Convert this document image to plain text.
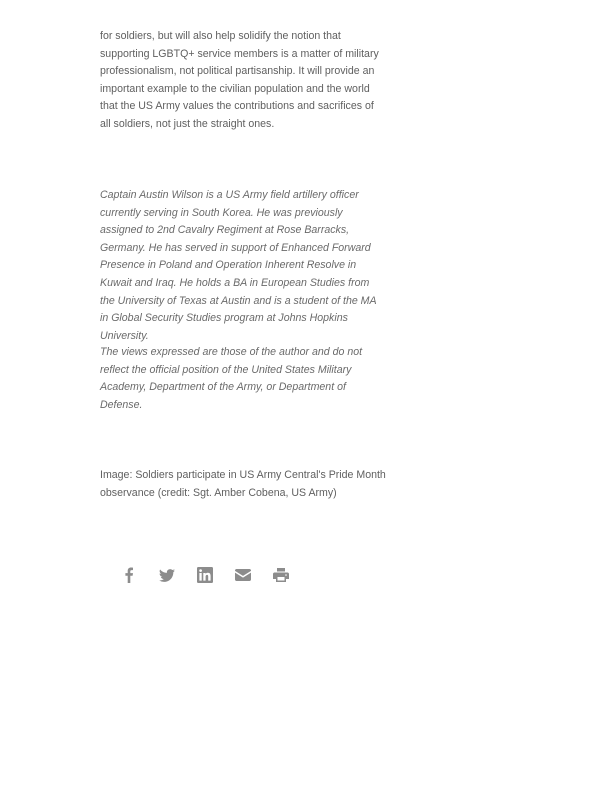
for soldiers, but will also help solidify the notion that supporting LGBTQ+ service members is a matter of military professionalism, not political partisanship. It will provide an important example to the civilian population and the world that the US Army values the contributions and sacrifices of all soldiers, not just the straight ones.

Captain Austin Wilson is a US Army field artillery officer currently serving in South Korea. He was previously assigned to 2nd Cavalry Regiment at Rose Barracks, Germany. He has served in support of Enhanced Forward Presence in Poland and Operation Inherent Resolve in Kuwait and Iraq. He holds a BA in European Studies from the University of Texas at Austin and is a student of the MA in Global Security Studies program at Johns Hopkins University.

The views expressed are those of the author and do not reflect the official position of the United States Military Academy, Department of the Army, or Department of Defense.

Image: Soldiers participate in US Army Central's Pride Month observance (credit: Sgt. Amber Cobena, US Army)
